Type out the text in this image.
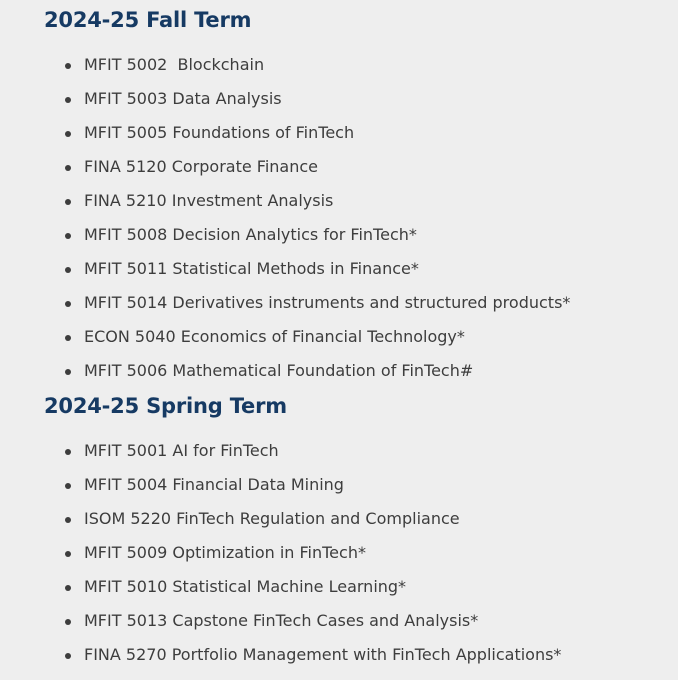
2024-25 Fall Term
MFIT 5002  Blockchain
MFIT 5003 Data Analysis
MFIT 5005 Foundations of FinTech
FINA 5120 Corporate Finance
FINA 5210 Investment Analysis
MFIT 5008 Decision Analytics for FinTech*
MFIT 5011 Statistical Methods in Finance*
MFIT 5014 Derivatives instruments and structured products*
ECON 5040 Economics of Financial Technology*
MFIT 5006 Mathematical Foundation of FinTech#
2024-25 Spring Term
MFIT 5001 AI for FinTech
MFIT 5004 Financial Data Mining
ISOM 5220 FinTech Regulation and Compliance
MFIT 5009 Optimization in FinTech*
MFIT 5010 Statistical Machine Learning*
MFIT 5013 Capstone FinTech Cases and Analysis*
FINA 5270 Portfolio Management with FinTech Applications*
